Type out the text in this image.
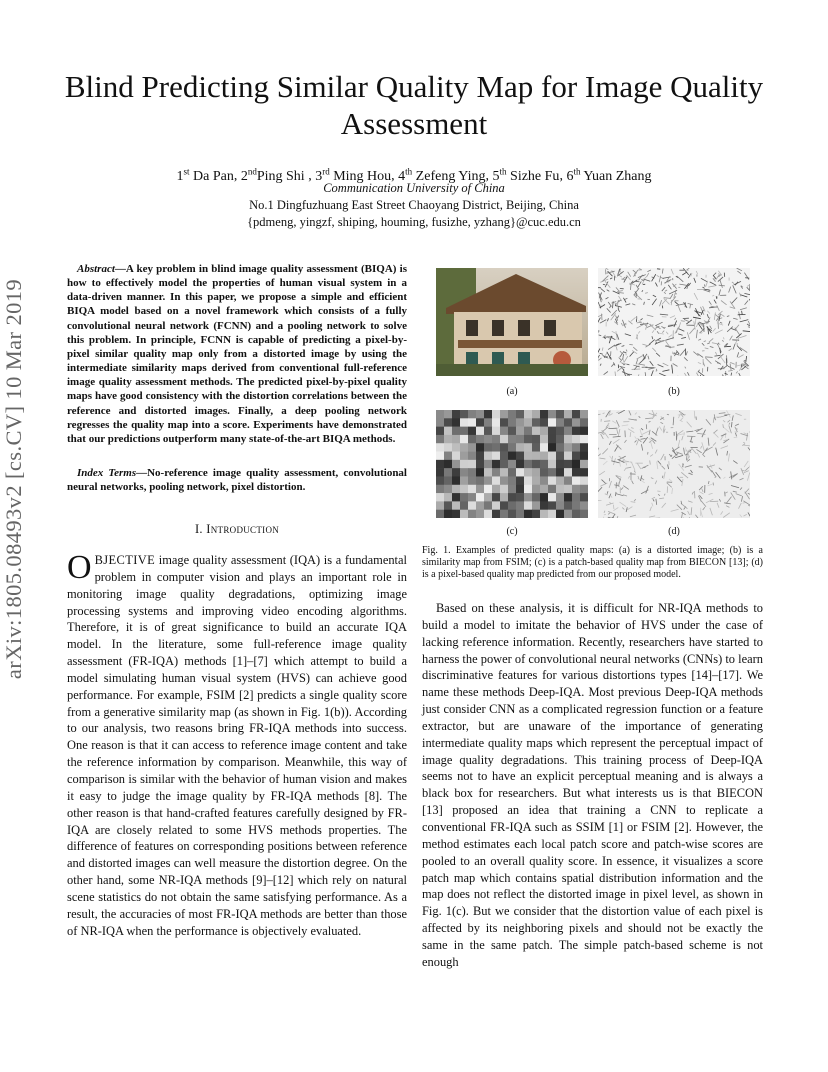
Blind Predicting Similar Quality Map for Image Quality Assessment
1st Da Pan, 2ndPing Shi , 3rd Ming Hou, 4th Zefeng Ying, 5th Sizhe Fu, 6th Yuan Zhang
Communication University of China
No.1 Dingfuzhuang East Street Chaoyang District, Beijing, China
{pdmeng, yingzf, shiping, houming, fusizhe, yzhang}@cuc.edu.cn
arXiv:1805.08493v2 [cs.CV] 10 Mar 2019
Abstract—A key problem in blind image quality assessment (BIQA) is how to effectively model the properties of human visual system in a data-driven manner. In this paper, we propose a simple and efficient BIQA model based on a novel framework which consists of a fully convolutional neural network (FCNN) and a pooling network to solve this problem. In principle, FCNN is capable of predicting a pixel-by-pixel similar quality map only from a distorted image by using the intermediate similarity maps derived from conventional full-reference image quality assessment methods. The predicted pixel-by-pixel quality maps have good consistency with the distortion correlations between the reference and distorted images. Finally, a deep pooling network regresses the quality map into a score. Experiments have demonstrated that our predictions outperform many state-of-the-art BIQA methods.
Index Terms—No-reference image quality assessment, convolutional neural networks, pooling network, pixel distortion.
I. Introduction
OBJECTIVE image quality assessment (IQA) is a fundamental problem in computer vision and plays an important role in monitoring image quality degradations, optimizing image processing systems and improving video encoding algorithms. Therefore, it is of great significance to build an accurate IQA model. In the literature, some full-reference image quality assessment (FR-IQA) methods [1]–[7] which attempt to build a model simulating human visual system (HVS) can achieve good performance. For example, FSIM [2] predicts a single quality score from a generative similarity map (as shown in Fig. 1(b)). According to our analysis, two reasons bring FR-IQA methods into success. One reason is that it can access to reference image content and take the reference information by comparison. Meanwhile, this way of comparison is similar with the behavior of human vision and makes it easy to judge the image quality by FR-IQA methods [8]. The other reason is that hand-crafted features carefully designed by FR-IQA are closely related to some HVS methods properties. The difference of features on corresponding positions between reference and distorted images can well measure the distortion degree. On the other hand, some NR-IQA methods [9]–[12] which rely on natural scene statistics do not obtain the same satisfying performance. As a result, the accuracies of most FR-IQA methods are better than those of NR-IQA when the performance is objectively evaluated.
(a)	(b)
(c)	(d)
Fig. 1. Examples of predicted quality maps: (a) is a distorted image; (b) is a similarity map from FSIM; (c) is a patch-based quality map from BIECON [13]; (d) is a pixel-based quality map predicted from our proposed model.
Based on these analysis, it is difficult for NR-IQA methods to build a model to imitate the behavior of HVS under the case of lacking reference information. Recently, researchers have started to harness the power of convolutional neural networks (CNNs) to learn discriminative features for various distortions types [14]–[17]. We name these methods Deep-IQA. Most previous Deep-IQA methods just consider CNN as a complicated regression function or a feature extractor, but are unaware of the importance of generating intermediate quality maps which represent the perceptual impact of image quality degradations. This training process of Deep-IQA seems not to have an explicit perceptual meaning and is always a black box for researchers. But what interests us is that BIECON [13] proposed an idea that training a CNN to replicate a conventional FR-IQA such as SSIM [1] or FSIM [2]. However, the method estimates each local patch score and patch-wise scores are pooled to an overall quality score. In essence, it visualizes a score patch map which contains spatial distribution information and the map does not reflect the distorted image in pixel level, as shown in Fig. 1(c). But we consider that the distortion value of each pixel is affected by its neighboring pixels and should not be exactly the same in the same patch. The simple patch-based scheme is not enough
